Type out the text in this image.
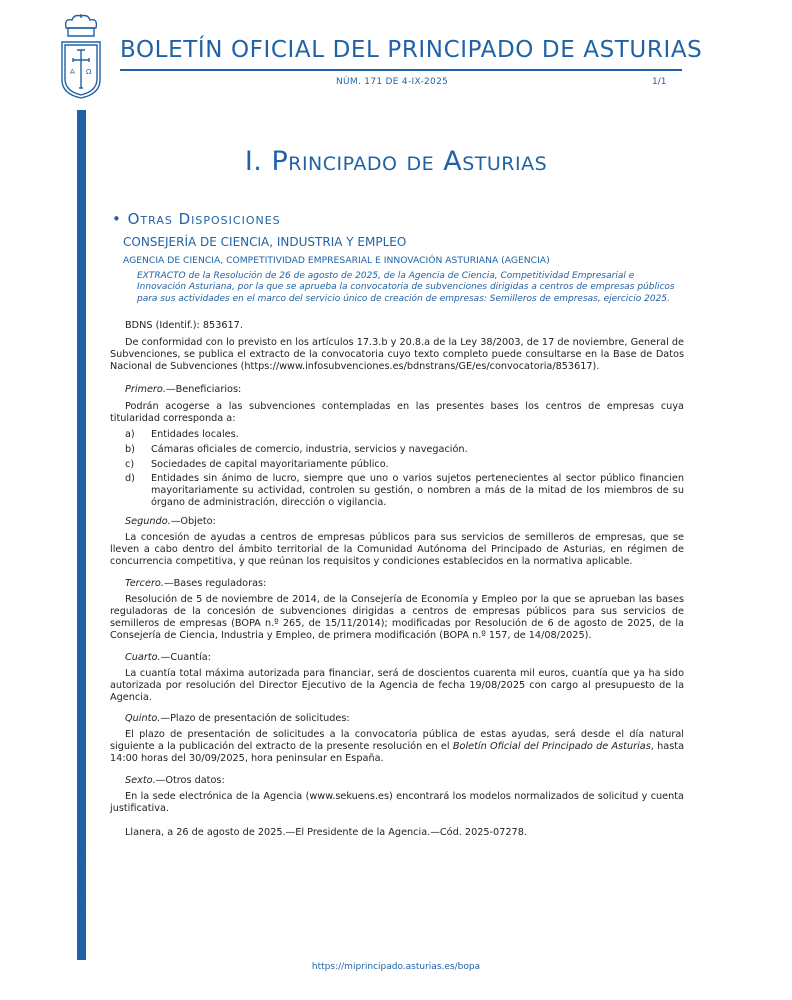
A Ω
Cód. 2025-07278
BOLETÍN OFICIAL DEL PRINCIPADO DE ASTURIAS
NÚM. 171 DE 4-IX-2025	1/1
I. Principado de Asturias
• Otras Disposiciones
CONSEJERÍA DE CIENCIA, INDUSTRIA Y EMPLEO
AGENCIA DE CIENCIA, COMPETITIVIDAD EMPRESARIAL E INNOVACIÓN ASTURIANA (AGENCIA)
EXTRACTO de la Resolución de 26 de agosto de 2025, de la Agencia de Ciencia, Competitividad Empresarial e Innovación Asturiana, por la que se aprueba la convocatoria de subvenciones dirigidas a centros de empresas públicos para sus actividades en el marco del servicio único de creación de empresas: Semilleros de empresas, ejercicio 2025.
BDNS (Identif.): 853617.
De conformidad con lo previsto en los artículos 17.3.b y 20.8.a de la Ley 38/2003, de 17 de noviembre, General de Subvenciones, se publica el extracto de la convocatoria cuyo texto completo puede consultarse en la Base de Datos Nacional de Subvenciones (https://www.infosubvenciones.es/bdnstrans/GE/es/convocatoria/853617).
Primero.—Beneficiarios:
Podrán acogerse a las subvenciones contempladas en las presentes bases los centros de empresas cuya titularidad corresponda a:
a) Entidades locales.
b) Cámaras oficiales de comercio, industria, servicios y navegación.
c) Sociedades de capital mayoritariamente público.
d) Entidades sin ánimo de lucro, siempre que uno o varios sujetos pertenecientes al sector público financien mayoritariamente su actividad, controlen su gestión, o nombren a más de la mitad de los miembros de su órgano de administración, dirección o vigilancia.
Segundo.—Objeto:
La concesión de ayudas a centros de empresas públicos para sus servicios de semilleros de empresas, que se lleven a cabo dentro del ámbito territorial de la Comunidad Autónoma del Principado de Asturias, en régimen de concurrencia competitiva, y que reúnan los requisitos y condiciones establecidos en la normativa aplicable.
Tercero.—Bases reguladoras:
Resolución de 5 de noviembre de 2014, de la Consejería de Economía y Empleo por la que se aprueban las bases reguladoras de la concesión de subvenciones dirigidas a centros de empresas públicos para sus servicios de semilleros de empresas (BOPA n.º 265, de 15/11/2014); modificadas por Resolución de 6 de agosto de 2025, de la Consejería de Ciencia, Industria y Empleo, de primera modificación (BOPA n.º 157, de 14/08/2025).
Cuarto.—Cuantía:
La cuantía total máxima autorizada para financiar, será de doscientos cuarenta mil euros, cuantía que ya ha sido autorizada por resolución del Director Ejecutivo de la Agencia de fecha 19/08/2025 con cargo al presupuesto de la Agencia.
Quinto.—Plazo de presentación de solicitudes:
El plazo de presentación de solicitudes a la convocatoria pública de estas ayudas, será desde el día natural siguiente a la publicación del extracto de la presente resolución en el Boletín Oficial del Principado de Asturias, hasta 14:00 horas del 30/09/2025, hora peninsular en España.
Sexto.—Otros datos:
En la sede electrónica de la Agencia (www.sekuens.es) encontrará los modelos normalizados de solicitud y cuenta justificativa.
Llanera, a 26 de agosto de 2025.—El Presidente de la Agencia.—Cód. 2025-07278.
https://miprincipado.asturias.es/bopa
